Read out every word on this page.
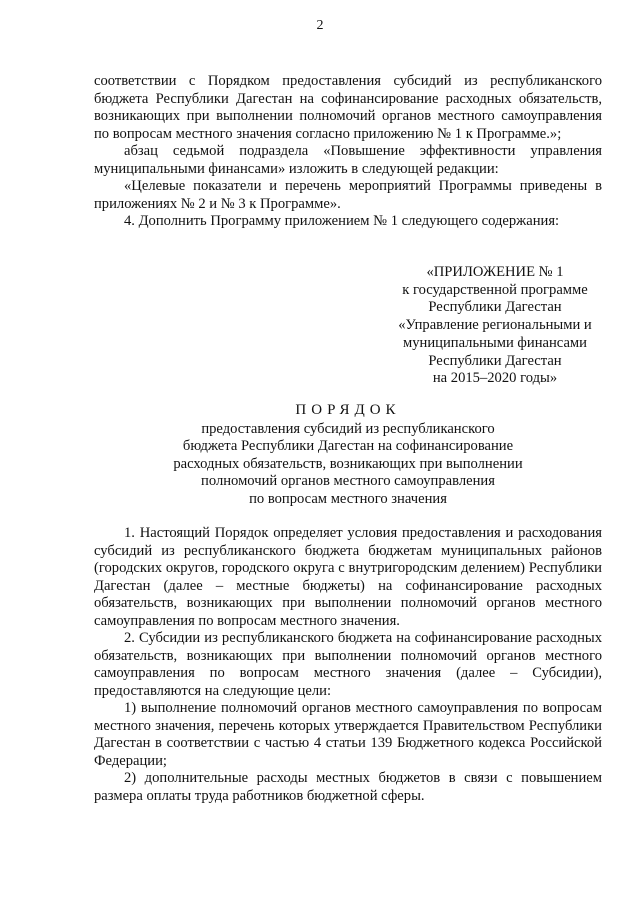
2

соответствии с Порядком предоставления субсидий из республиканского бюджета Республики Дагестан на софинансирование расходных обязательств, возникающих при выполнении полномочий органов местного самоуправления по вопросам местного значения согласно приложению № 1 к Программе.»;

абзац седьмой подраздела «Повышение эффективности управления муниципальными финансами» изложить в следующей редакции:

«Целевые показатели и перечень мероприятий Программы приведены в приложениях № 2 и № 3 к Программе».

4. Дополнить Программу приложением № 1 следующего содержания:

«ПРИЛОЖЕНИЕ № 1
к государственной программе
Республики Дагестан
«Управление региональными и
муниципальными финансами
Республики Дагестан
на 2015–2020 годы»
ПОРЯДОК
предоставления субсидий из республиканского
бюджета Республики Дагестан на софинансирование
расходных обязательств, возникающих при выполнении
полномочий органов местного самоуправления
по вопросам местного значения

1. Настоящий Порядок определяет условия предоставления и расходования субсидий из республиканского бюджета бюджетам муниципальных районов (городских округов, городского округа с внутригородским делением) Республики Дагестан (далее – местные бюджеты) на софинансирование расходных обязательств, возникающих при выполнении полномочий органов местного самоуправления по вопросам местного значения.

2. Субсидии из республиканского бюджета на софинансирование расходных обязательств, возникающих при выполнении полномочий органов местного самоуправления по вопросам местного значения (далее – Субсидии), предоставляются на следующие цели:

1) выполнение полномочий органов местного самоуправления по вопросам местного значения, перечень которых утверждается Правительством Республики Дагестан в соответствии с частью 4 статьи 139 Бюджетного кодекса Российской Федерации;

2) дополнительные расходы местных бюджетов в связи с повышением размера оплаты труда работников бюджетной сферы.
